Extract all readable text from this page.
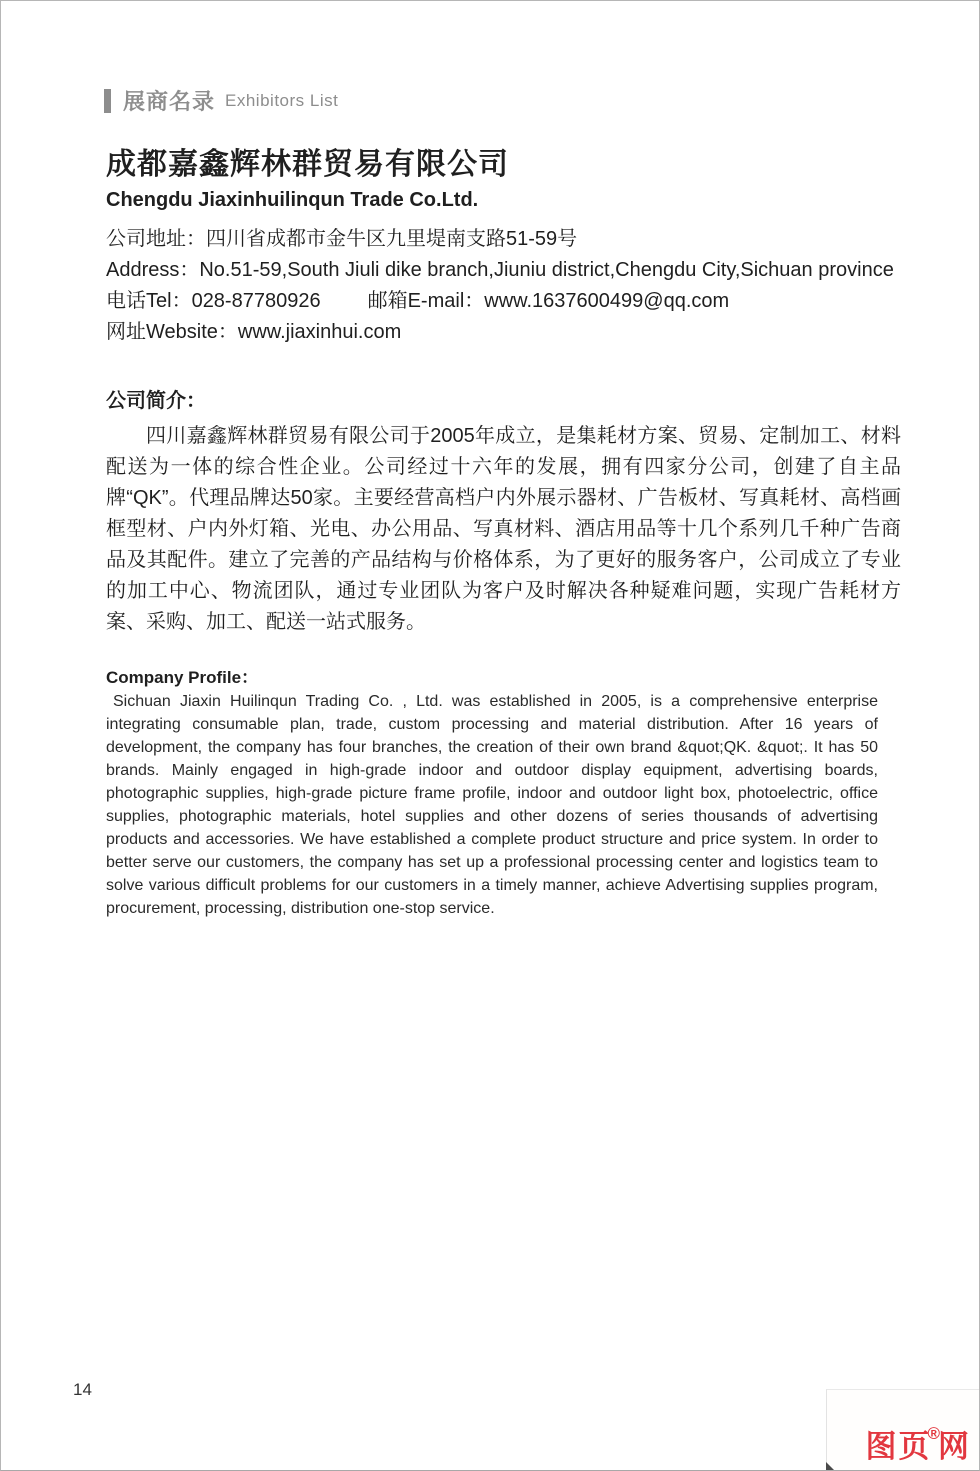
展商名录 Exhibitors List
成都嘉鑫辉林群贸易有限公司
Chengdu Jiaxinhuilinqun Trade Co.Ltd.
公司地址：四川省成都市金牛区九里堤南支路51-59号
Address：No.51-59,South Jiuli dike branch,Jiuniu district,Chengdu City,Sichuan province
电话Tel：028-87780926 邮箱E-mail：www.1637600499@qq.com
网址Website：www.jiaxinhui.com
公司简介：
四川嘉鑫辉林群贸易有限公司于2005年成立，是集耗材方案、贸易、定制加工、材料配送为一体的综合性企业。公司经过十六年的发展，拥有四家分公司，创建了自主品牌“QK”。代理品牌达50家。主要经营高档户内外展示器材、广告板材、写真耗材、高档画框型材、户内外灯箱、光电、办公用品、写真材料、酒店用品等十几个系列几千种广告商品及其配件。建立了完善的产品结构与价格体系，为了更好的服务客户，公司成立了专业的加工中心、物流团队，通过专业团队为客户及时解决各种疑难问题，实现广告耗材方案、采购、加工、配送一站式服务。
Company Profile：
Sichuan Jiaxin Huilinqun Trading Co. , Ltd. was established in 2005, is a comprehensive enterprise integrating consumable plan, trade, custom processing and material distribution. After 16 years of development, the company has four branches, the creation of their own brand &quot;QK. &quot;. It has 50 brands. Mainly engaged in high-grade indoor and outdoor display equipment, advertising boards, photographic supplies, high-grade picture frame profile, indoor and outdoor light box, photoelectric, office supplies, photographic materials, hotel supplies and other dozens of series thousands of advertising products and accessories. We have established a complete product structure and price system. In order to better serve our customers, the company has set up a professional processing center and logistics team to solve various difficult problems for our customers in a timely manner, achieve Advertising supplies program, procurement, processing, distribution one-stop service.
14
图页®网
